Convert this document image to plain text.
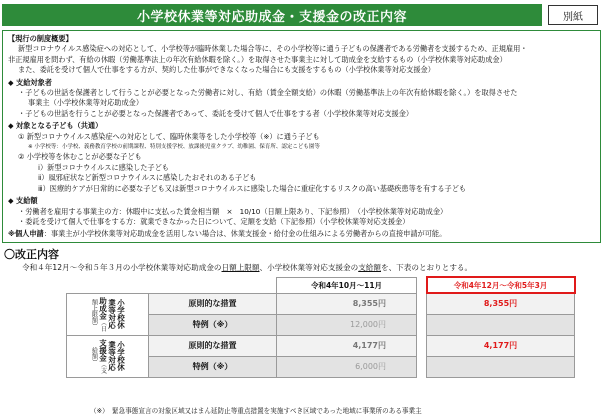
小学校休業等対応助成金・支援金の改正内容	別紙

【現行の制度概要】

新型コロナウイルス感染症への対応として、小学校等が臨時休業した場合等に、その小学校等に通う子どもの保護者である労働者を支援するため、正規雇用・

非正規雇用を問わず、有給の休暇（労働基準法上の年次有給休暇を除く。）を取得させた事業主に対して助成金を支給するもの（小学校休業等対応助成金）

また、委託を受けて個人で仕事をする方が、契約した仕事ができなくなった場合にも支援をするもの（小学校休業等対応支援金）

◆ 支給対象者

・子どもの世話を保護者として行うことが必要となった労働者に対し、有給（賃金全額支給）の休暇（労働基準法上の年次有給休暇を除く。）を取得させた

事業主（小学校休業等対応助成金）

・子どもの世話を行うことが必要となった保護者であって、委託を受けて個人で仕事をする者（小学校休業等対応支援金）

◆ 対象となる子ども（共通）

① 新型コロナウイルス感染症への対応として、臨時休業等をした小学校等（※）に通う子ども

※ 小学校等：小学校、義務教育学校の前期課程、特別支援学校、放課後児童クラブ、幼稚園、保育所、認定こども園等

② 小学校等を休むことが必要な子ども

ⅰ）新型コロナウイルスに感染した子ども

ⅱ）風邪症状など新型コロナウイルスに感染したおそれのある子ども

ⅲ）医療的ケアが日常的に必要な子ども又は新型コロナウイルスに感染した場合に重症化するリスクの高い基礎疾患等を有する子ども

◆ 支給額

・労働者を雇用する事業主の方：休暇中に支払った賃金相当額　×　10/10（日額上限あり、下記参照）　（小学校休業等対応助成金）

・委託を受けて個人で仕事をする方：就業できなかった日について、定額を支給（下記参照）（小学校休業等対応支援金）

※個人申請：事業主が小学校休業等対応助成金を活用しない場合は、休業支援金・給付金の仕組みによる労働者からの直接申請が可能。

〇改正内容
令和４年12月～令和５年３月の小学校休業等対応助成金の日額上限額、小学校休業等対応支援金の支給額を、下表のとおりとする。
		令和4年10月～11月		令和4年12月～令和5年3月
小学校休業等対応助成金（日額上限額）	原則的な措置	8,355円		8,355円
	特例（※）	12,000円		
小学校休業等対応支援金（支給額）	原則的な措置	4,177円		4,177円
	特例（※）	6,000円		
（※）　緊急事態宣言の対象区域又はまん延防止等重点措置を実施すべき区域であった地域に事業所のある事業主
